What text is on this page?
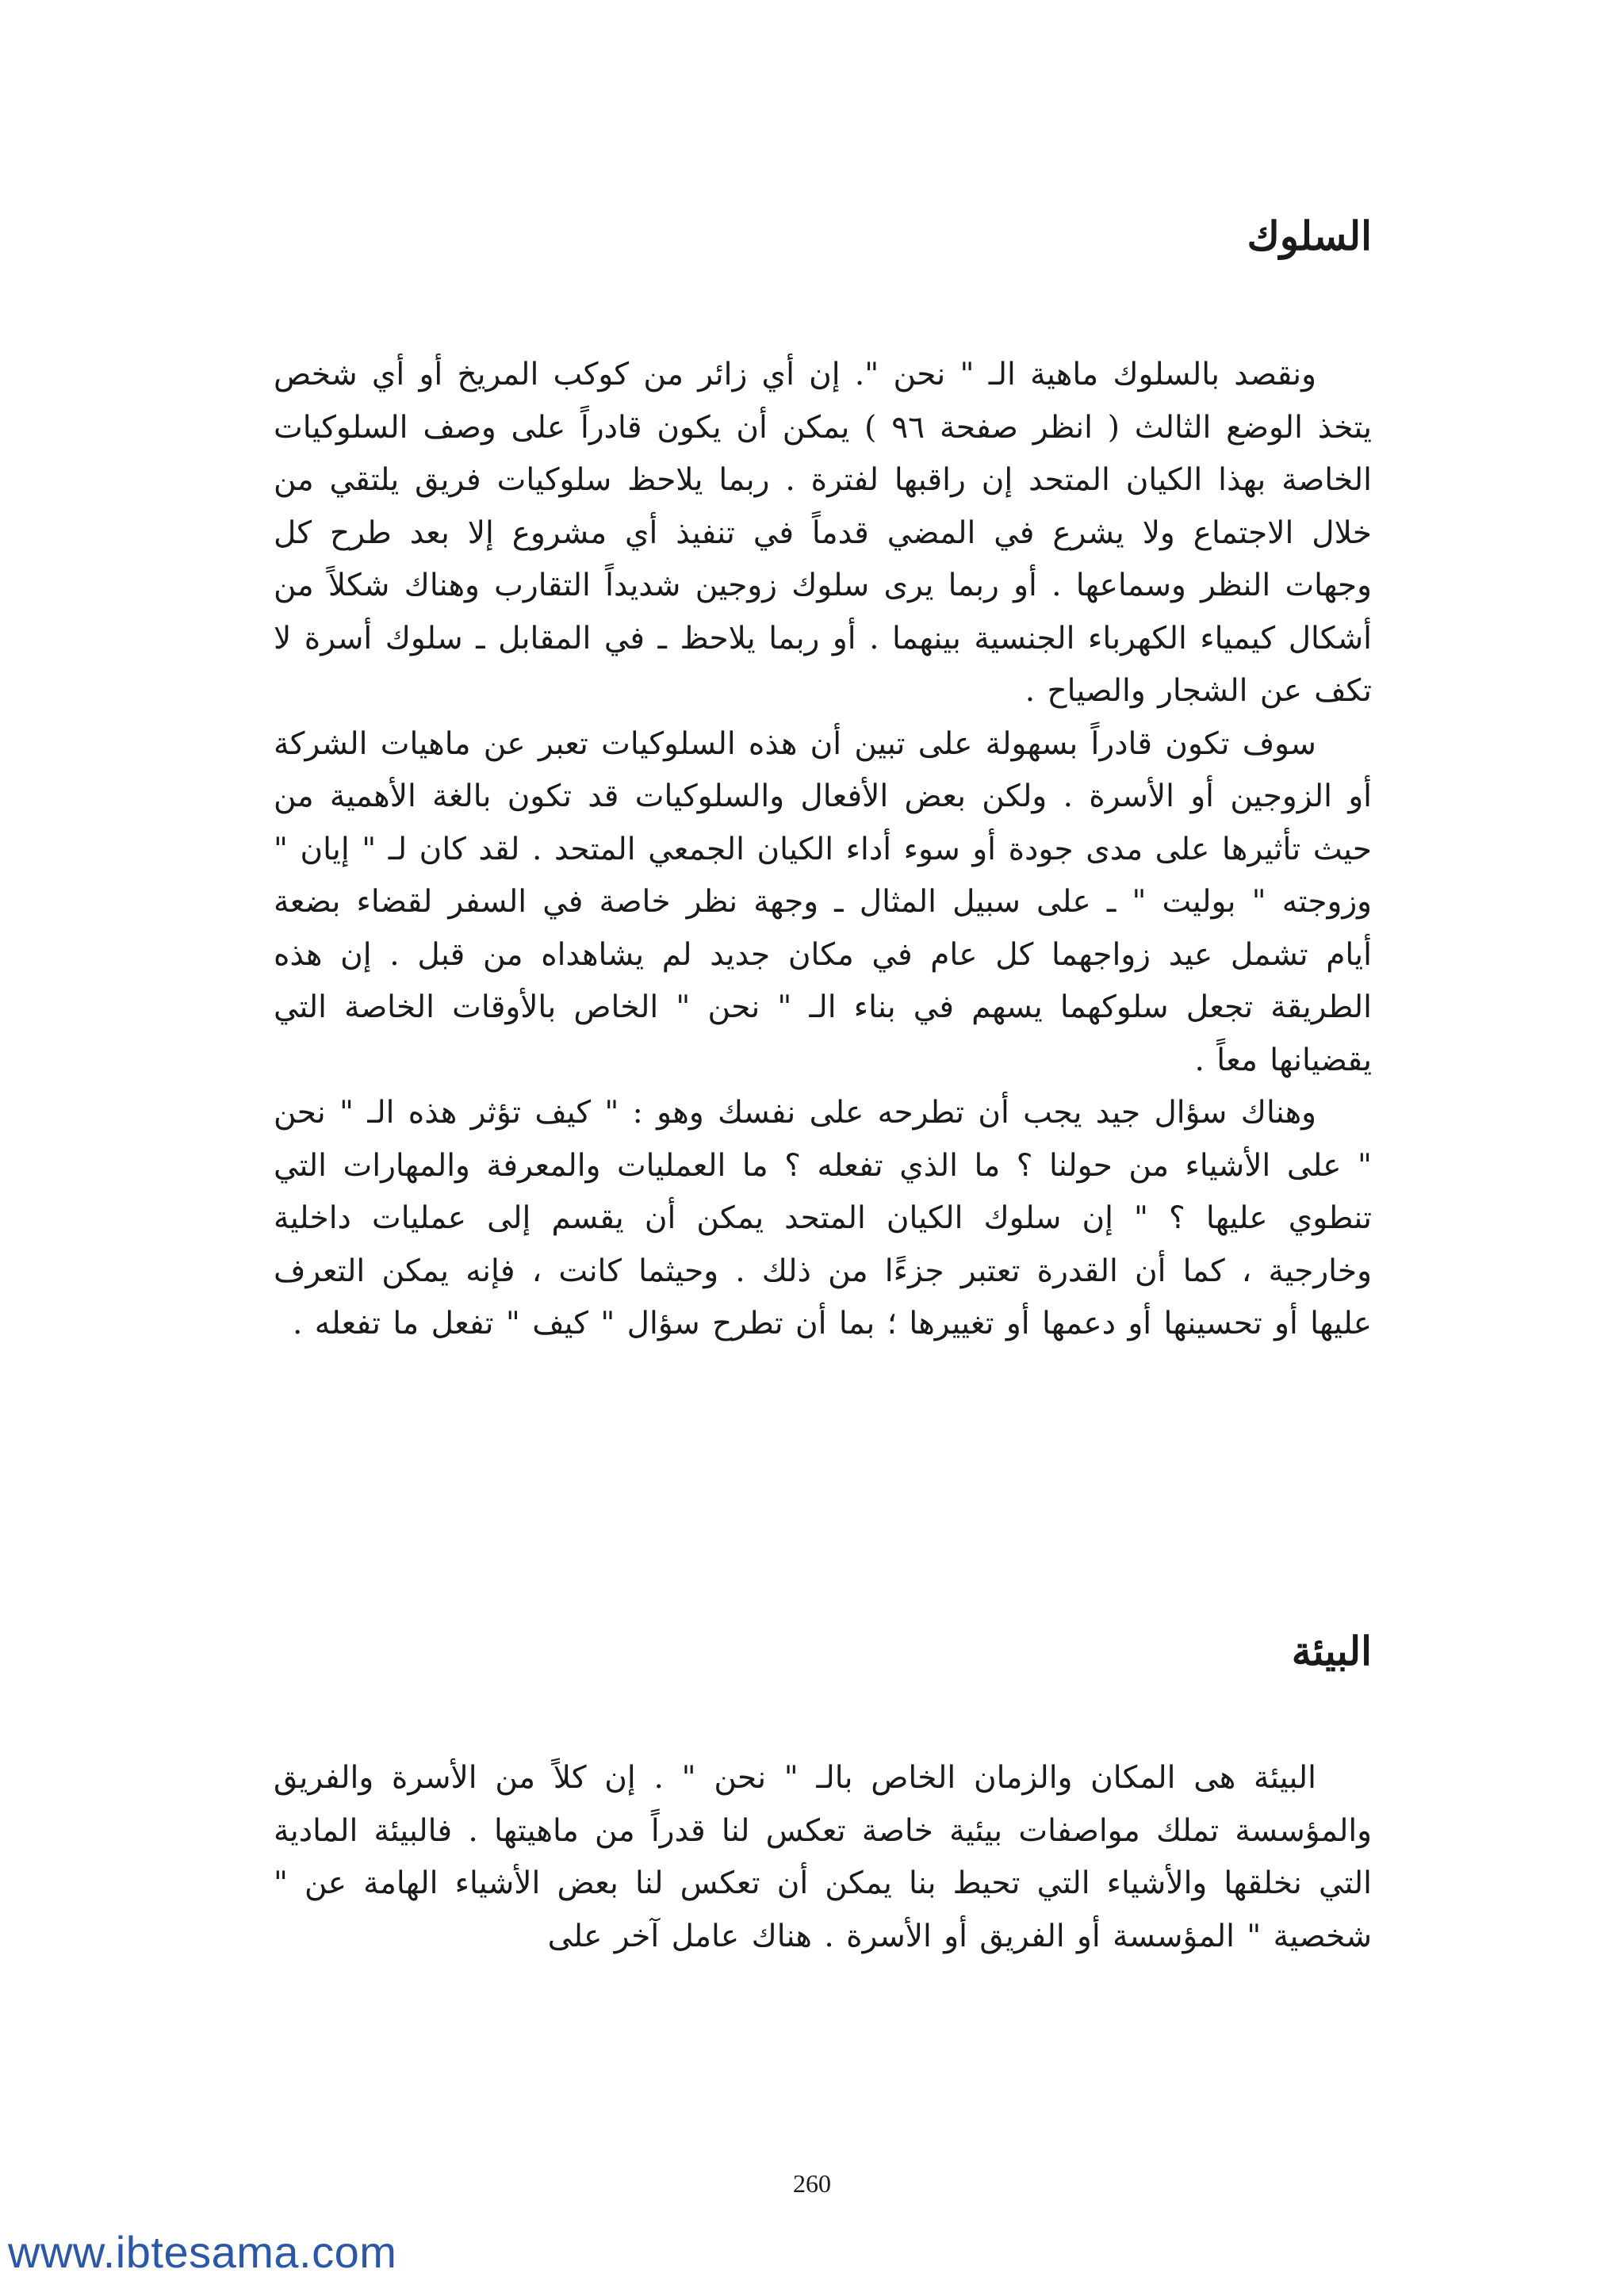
السلوك

ونقصد بالسلوك ماهية الـ " نحن ". إن أي زائر من كوكب المريخ أو أي شخص يتخذ الوضع الثالث ( انظر صفحة ٩٦ ) يمكن أن يكون قادراً على وصف السلوكيات الخاصة بهذا الكيان المتحد إن راقبها لفترة . ربما يلاحظ سلوكيات فريق يلتقي من خلال الاجتماع ولا يشرع في المضي قدماً في تنفيذ أي مشروع إلا بعد طرح كل وجهات النظر وسماعها . أو ربما يرى سلوك زوجين شديداً التقارب وهناك شكلاً من أشكال كيمياء الكهرباء الجنسية بينهما . أو ربما يلاحظ ـ في المقابل ـ سلوك أسرة لا تكف عن الشجار والصياح .

سوف تكون قادراً بسهولة على تبين أن هذه السلوكيات تعبر عن ماهيات الشركة أو الزوجين أو الأسرة . ولكن بعض الأفعال والسلوكيات قد تكون بالغة الأهمية من حيث تأثيرها على مدى جودة أو سوء أداء الكيان الجمعي المتحد . لقد كان لـ " إيان " وزوجته " بوليت " ـ على سبيل المثال ـ وجهة نظر خاصة في السفر لقضاء بضعة أيام تشمل عيد زواجهما كل عام في مكان جديد لم يشاهداه من قبل . إن هذه الطريقة تجعل سلوكهما يسهم في بناء الـ " نحن " الخاص بالأوقات الخاصة التي يقضيانها معاً .

وهناك سؤال جيد يجب أن تطرحه على نفسك وهو : " كيف تؤثر هذه الـ " نحن " على الأشياء من حولنا ؟ ما الذي تفعله ؟ ما العمليات والمعرفة والمهارات التي تنطوي عليها ؟ " إن سلوك الكيان المتحد يمكن أن يقسم إلى عمليات داخلية وخارجية ، كما أن القدرة تعتبر جزءًا من ذلك . وحيثما كانت ، فإنه يمكن التعرف عليها أو تحسينها أو دعمها أو تغييرها ؛ بما أن تطرح سؤال " كيف " تفعل ما تفعله .

البيئة

البيئة هى المكان والزمان الخاص بالـ " نحن " . إن كلاً من الأسرة والفريق والمؤسسة تملك مواصفات بيئية خاصة تعكس لنا قدراً من ماهيتها . فالبيئة المادية التي نخلقها والأشياء التي تحيط بنا يمكن أن تعكس لنا بعض الأشياء الهامة عن " شخصية " المؤسسة أو الفريق أو الأسرة . هناك عامل آخر على

260
www.ibtesama.com
